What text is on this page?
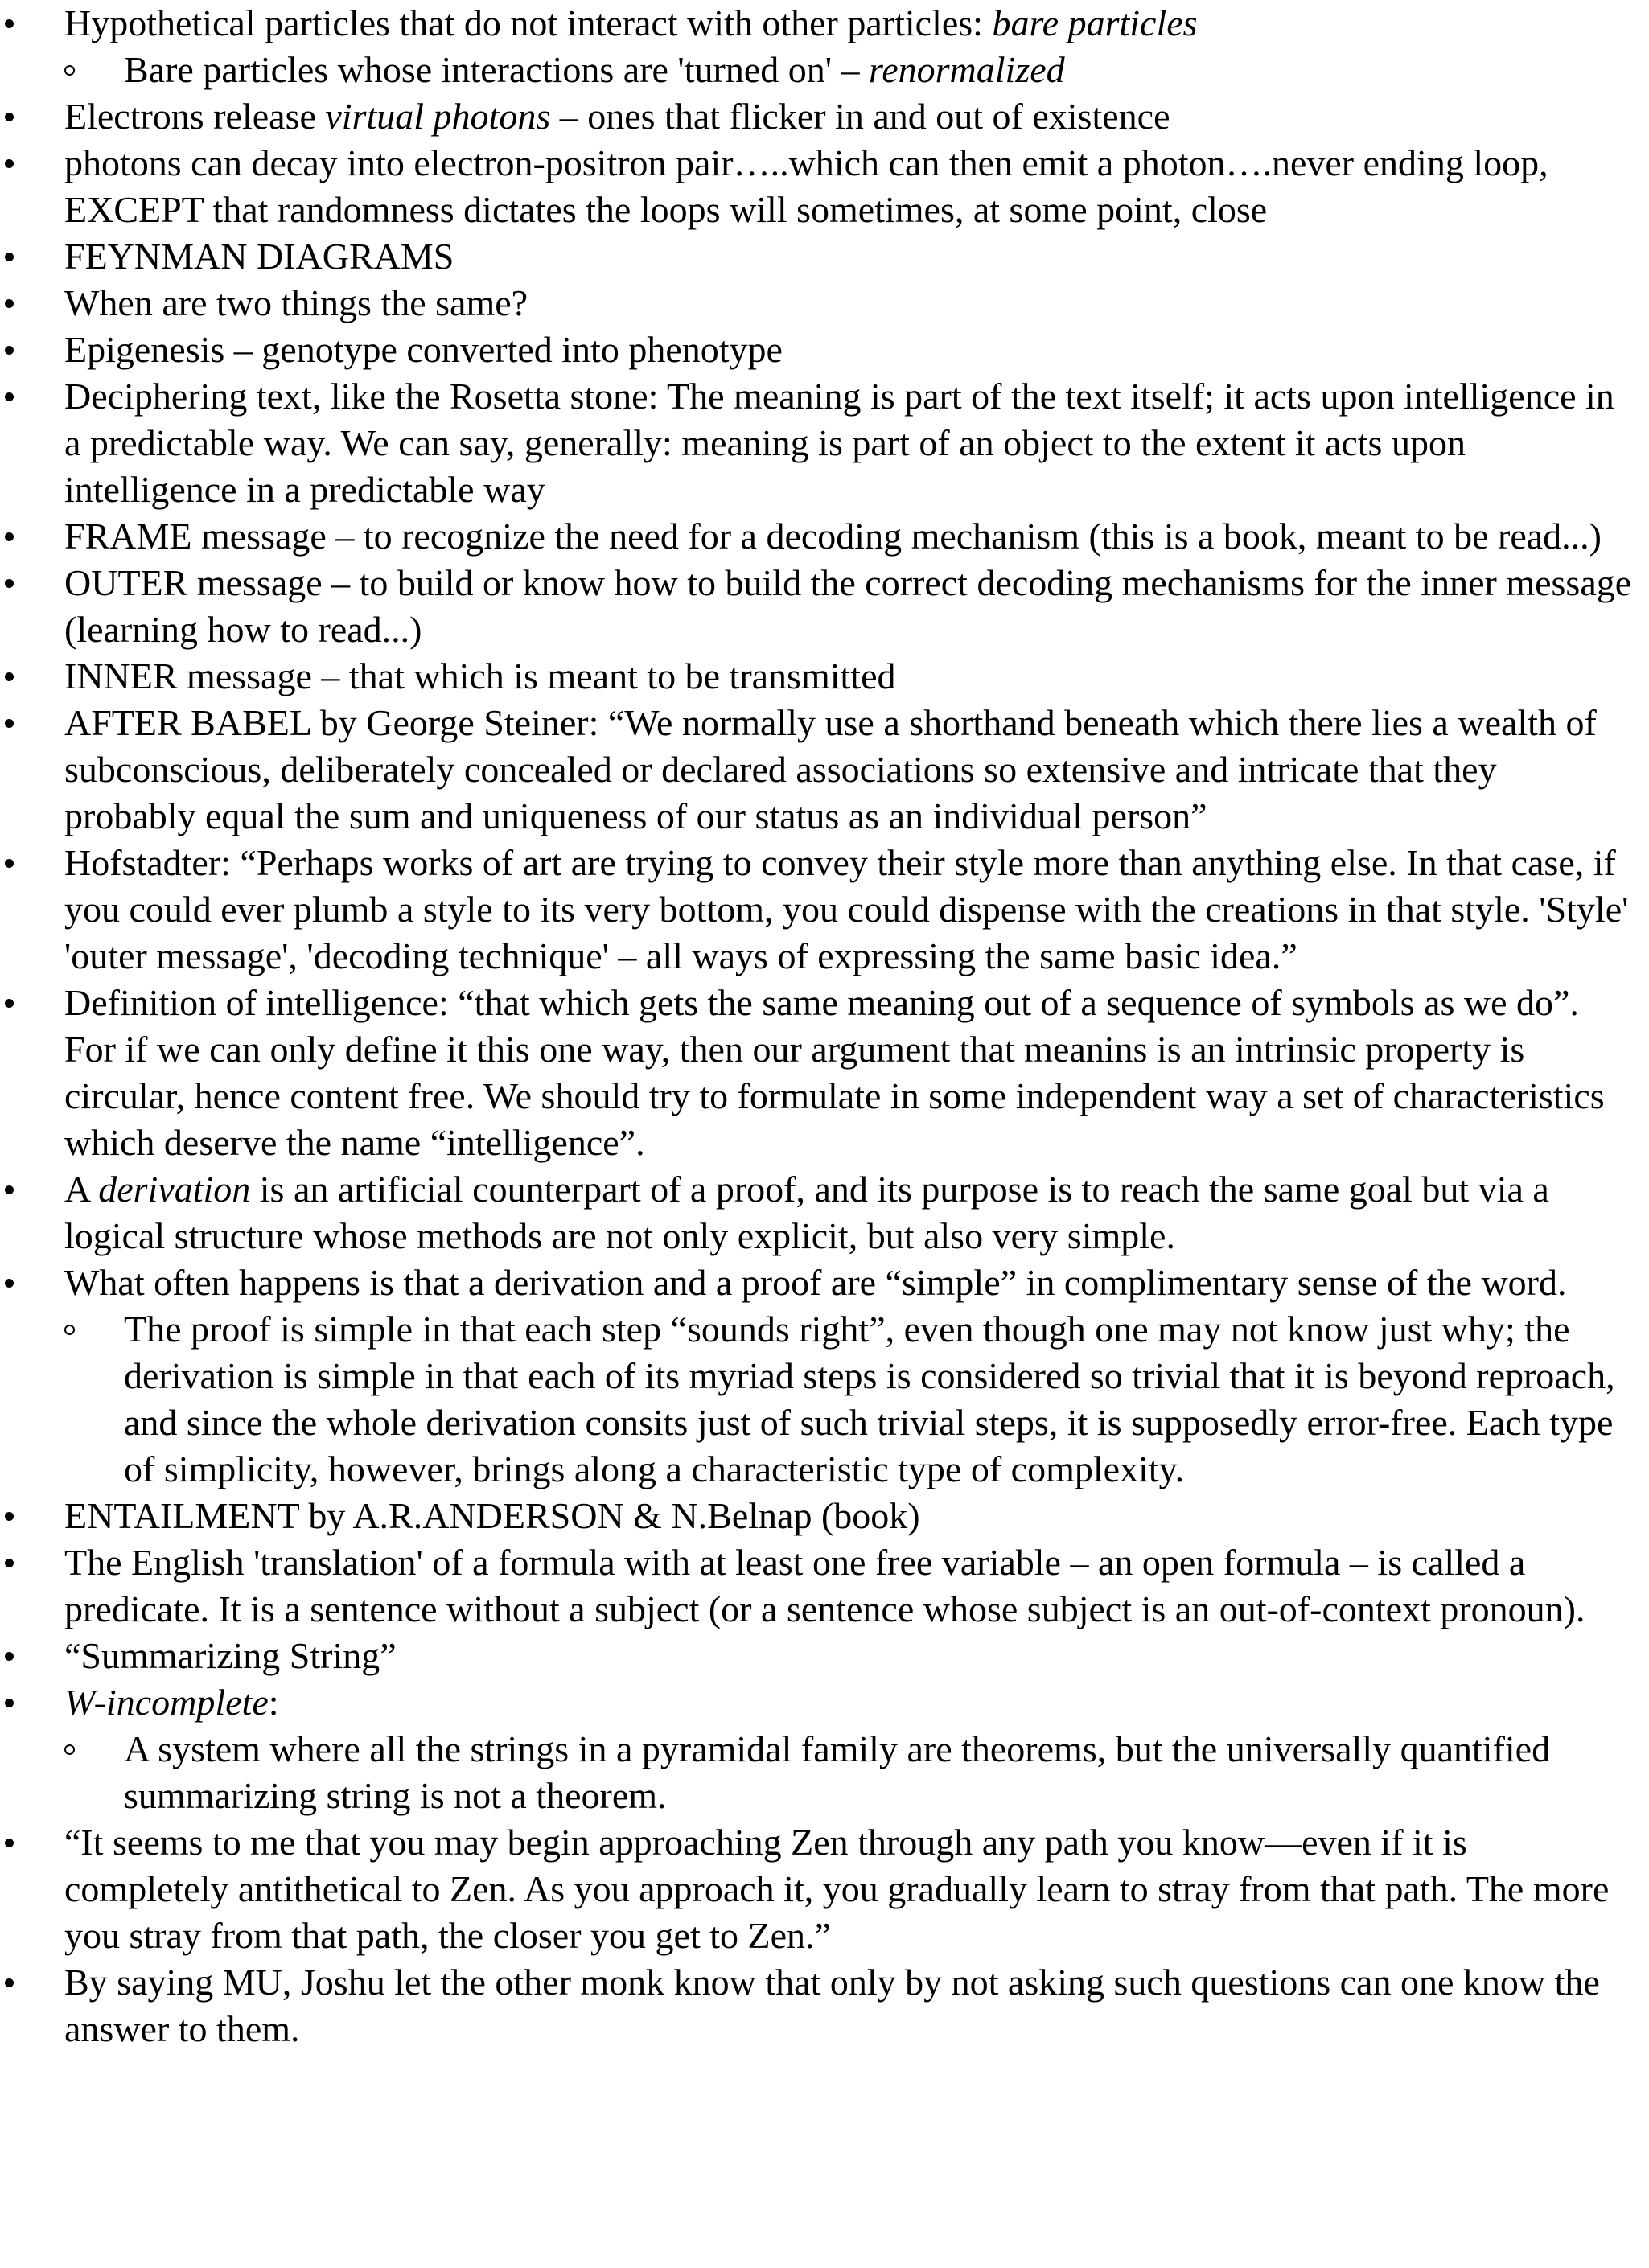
Hypothetical particles that do not interact with other particles: bare particles
Bare particles whose interactions are 'turned on' – renormalized
Electrons release virtual photons – ones that flicker in and out of existence
photons can decay into electron-positron pair…..which can then emit a photon….never ending loop, EXCEPT that randomness dictates the loops will sometimes, at some point, close
FEYNMAN DIAGRAMS
When are two things the same?
Epigenesis – genotype converted into phenotype
Deciphering text, like the Rosetta stone: The meaning is part of the text itself; it acts upon intelligence in a predictable way. We can say, generally: meaning is part of an object to the extent it acts upon intelligence in a predictable way
FRAME message – to recognize the need for a decoding mechanism (this is a book, meant to be read...)
OUTER message – to build or know how to build the correct decoding mechanisms for the inner message (learning how to read...)
INNER message – that which is meant to be transmitted
AFTER BABEL by George Steiner: “We normally use a shorthand beneath which there lies a wealth of subconscious, deliberately concealed or declared associations so extensive and intricate that they probably equal the sum and uniqueness of our status as an individual person”
Hofstadter: “Perhaps works of art are trying to convey their style more than anything else. In that case, if you could ever plumb a style to its very bottom, you could dispense with the creations in that style. 'Style' 'outer message', 'decoding technique' – all ways of expressing the same basic idea.”
Definition of intelligence: “that which gets the same meaning out of a sequence of symbols as we do”. For if we can only define it this one way, then our argument that meanins is an intrinsic property is circular, hence content free. We should try to formulate in some independent way a set of characteristics which deserve the name “intelligence”.
A derivation is an artificial counterpart of a proof, and its purpose is to reach the same goal but via a logical structure whose methods are not only explicit, but also very simple.
What often happens is that a derivation and a proof are “simple” in complimentary sense of the word.
The proof is simple in that each step “sounds right”, even though one may not know just why; the derivation is simple in that each of its myriad steps is considered so trivial that it is beyond reproach, and since the whole derivation consits just of such trivial steps, it is supposedly error-free. Each type of simplicity, however, brings along a characteristic type of complexity.
ENTAILMENT by A.R.ANDERSON & N.Belnap (book)
The English 'translation' of a formula with at least one free variable – an open formula – is called a predicate. It is a sentence without a subject (or a sentence whose subject is an out-of-context pronoun).
“Summarizing String”
W-incomplete:
A system where all the strings in a pyramidal family are theorems, but the universally quantified summarizing string is not a theorem.
“It seems to me that you may begin approaching Zen through any path you know—even if it is completely antithetical to Zen. As you approach it, you gradually learn to stray from that path. The more you stray from that path, the closer you get to Zen.”
By saying MU, Joshu let the other monk know that only by not asking such questions can one know the answer to them.
